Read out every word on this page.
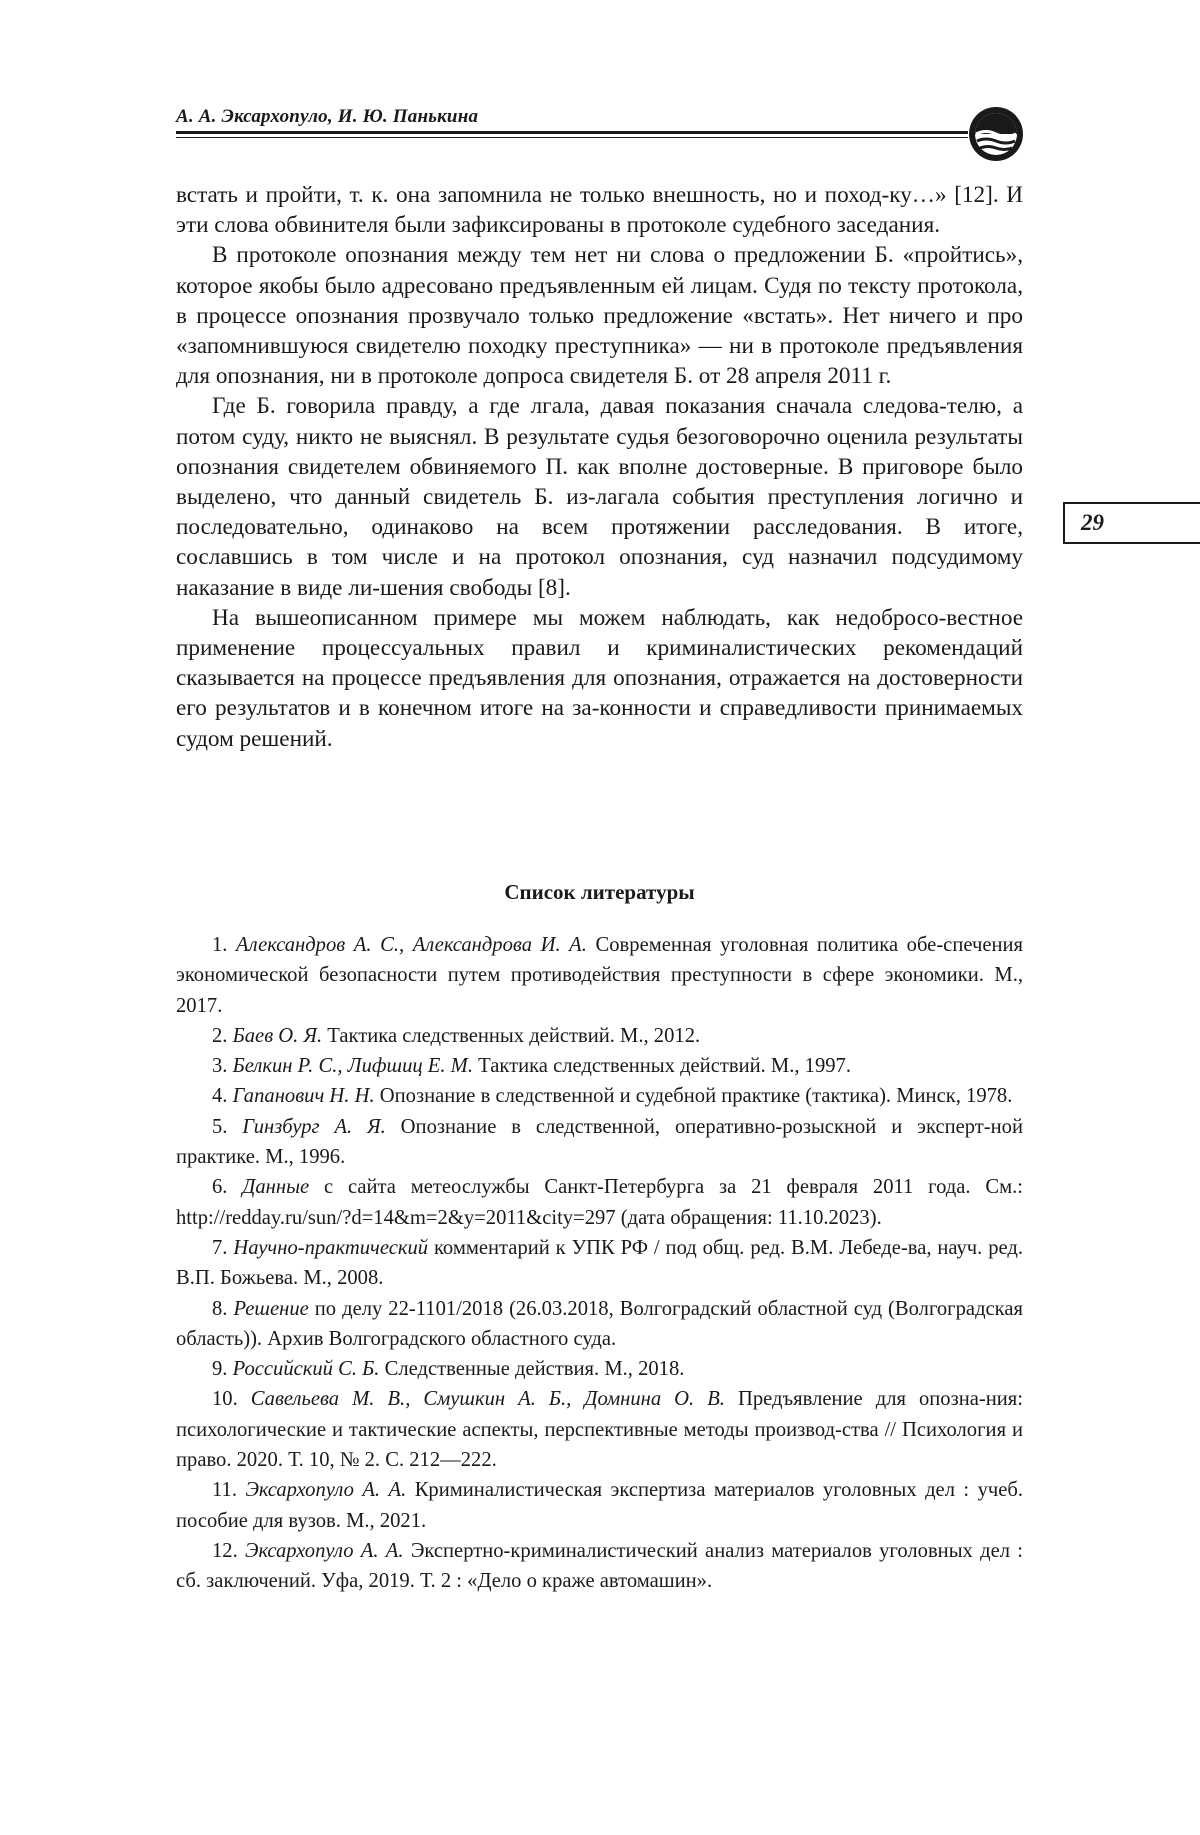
А. А. Эксархопуло, И. Ю. Панькина
29

встать и пройти, т. к. она запомнила не только внешность, но и поход-ку…» [12]. И эти слова обвинителя были зафиксированы в протоколе судебного заседания.

В протоколе опознания между тем нет ни слова о предложении Б. «пройтись», которое якобы было адресовано предъявленным ей лицам. Судя по тексту протокола, в процессе опознания прозвучало только предложение «встать». Нет ничего и про «запомнившуюся свидетелю походку преступника» — ни в протоколе предъявления для опознания, ни в протоколе допроса свидетеля Б. от 28 апреля 2011 г.

Где Б. говорила правду, а где лгала, давая показания сначала следова-телю, а потом суду, никто не выяснял. В результате судья безоговорочно оценила результаты опознания свидетелем обвиняемого П. как вполне достоверные. В приговоре было выделено, что данный свидетель Б. из-лагала события преступления логично и последовательно, одинаково на всем протяжении расследования. В итоге, сославшись в том числе и на протокол опознания, суд назначил подсудимому наказание в виде ли-шения свободы [8].

На вышеописанном примере мы можем наблюдать, как недобросо-вестное применение процессуальных правил и криминалистических рекомендаций сказывается на процессе предъявления для опознания, отражается на достоверности его результатов и в конечном итоге на за-конности и справедливости принимаемых судом решений.

Список литературы

1. Александров А. С., Александрова И. А. Современная уголовная политика обе-спечения экономической безопасности путем противодействия преступности в сфере экономики. М., 2017.

2. Баев О. Я. Тактика следственных действий. М., 2012.

3. Белкин Р. С., Лифшиц Е. М. Тактика следственных действий. М., 1997.

4. Гапанович Н. Н. Опознание в следственной и судебной практике (тактика). Минск, 1978.

5. Гинзбург А. Я. Опознание в следственной, оперативно-розыскной и эксперт-ной практике. М., 1996.

6. Данные с сайта метеослужбы Санкт-Петербурга за 21 февраля 2011 года. См.: http://redday.ru/sun/?d=14&m=2&y=2011&city=297 (дата обращения: 11.10.2023).

7. Научно-практический комментарий к УПК РФ / под общ. ред. В.М. Лебеде-ва, науч. ред. В.П. Божьева. М., 2008.

8. Решение по делу 22-1101/2018 (26.03.2018, Волгоградский областной суд (Волгоградская область)). Архив Волгоградского областного суда.

9. Российский С. Б. Следственные действия. М., 2018.

10. Савельева М. В., Смушкин А. Б., Домнина О. В. Предъявление для опозна-ния: психологические и тактические аспекты, перспективные методы производ-ства // Психология и право. 2020. Т. 10, № 2. С. 212—222.

11. Эксархопуло А. А. Криминалистическая экспертиза материалов уголовных дел : учеб. пособие для вузов. М., 2021.

12. Эксархопуло А. А. Экспертно-криминалистический анализ материалов уголовных дел : сб. заключений. Уфа, 2019. Т. 2 : «Дело о краже автомашин».
